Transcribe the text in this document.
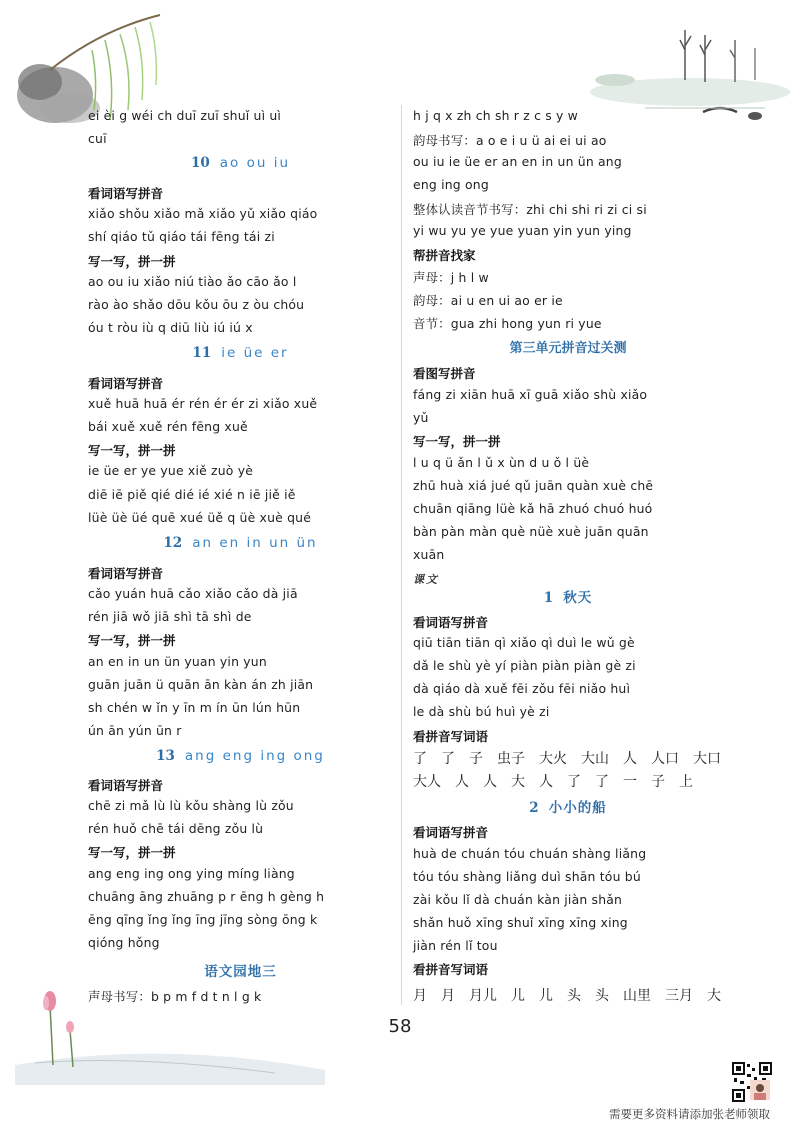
ei èi g wéi ch duī zuī shuǐ uì uì
cuī
10 ao ou iu
看词语写拼音
xiǎo shǒu xiǎo mǎ xiǎo yǔ xiǎo qiáo
shí qiáo tǔ qiáo tái fēng tái zi
写一写，拼一拼
ao ou iu xiǎo niú tiào ǎo cāo ǎo l
rào ào shǎo dōu kǒu ōu z òu chóu
óu t ròu iù q diū liù iú iú x
11 ie üe er
看词语写拼音
xuě huā huā ér rén ér ér zi xiǎo xuě
bái xuě xuě rén fēng xuě
写一写，拼一拼
ie üe er ye yue xiě zuò yè
diē iē piě qié dié ié xié n iē jiě iě
lüè üè üé quē xué üě q üè xuè qué
12 an en in un ün
看词语写拼音
cǎo yuán huā cǎo xiǎo cǎo dà jiā
rén jiā wǒ jiā shì tā shì de
写一写，拼一拼
an en in un ün yuan yin yun
guān juān ü quān ān kàn án zh jiān
sh chén w ǐn y īn m ín ūn lún hūn
ún ān yún ūn r
13 ang eng ing ong
看词语写拼音
chē zi mǎ lù lù kǒu shàng lù zǒu
rén huǒ chē tái dēng zǒu lù
写一写，拼一拼
ang eng ing ong ying míng liàng
chuāng āng zhuāng p r ēng h gèng h
ēng qīng ǐng ǐng īng jīng sòng ōng k
qióng hǒng
语文园地三
声母书写：b p m f d t n l g k
h j q x zh ch sh r z c s y w
韵母书写：a o e i u ü ai ei ui ao
ou iu ie üe er an en in un ün ang
eng ing ong
整体认读音节书写：zhi chi shi ri zi ci si
yi wu yu ye yue yuan yin yun ying
帮拼音找家
声母：j h l w
韵母：ai u en ui ao er ie
音节：gua zhi hong yun ri yue
第三单元拼音过关测
看图写拼音
fáng zi xiān huā xī guā xiǎo shù xiǎo
yǔ
写一写，拼一拼
l u q ü ǎn l ǔ x ùn d u ǒ l üè
zhū huà xiá jué qǔ juān quàn xuè chē
chuān qiāng lüè kǎ hā zhuó chuó huó
bàn pàn màn què nüè xuè juān quān
xuān
课文
1 秋天
看词语写拼音
qiū tiān tiān qì xiǎo qì duì le wǔ gè
dǎ le shù yè yí piàn piàn piàn gè zi
dà qiáo dà xuě fēi zǒu fēi niǎo huì
le dà shù bú huì yè zi
看拼音写词语
了　了　子　虫子　大火　大山　人　人口　大口
大人　人　人　大　人　了　了　一　子　上
2 小小的船
看词语写拼音
huà de chuán tóu chuán shàng liǎng
tóu tóu shàng liǎng duì shān tóu bú
zài kǒu lǐ dà chuán kàn jiàn shǎn
shǎn huǒ xīng shuǐ xīng xīng xing
jiàn rén lǐ tou
看拼音写词语
月　月　月儿　儿　儿　头　头　山里　三月　大
58
需要更多资料请添加张老师领取
